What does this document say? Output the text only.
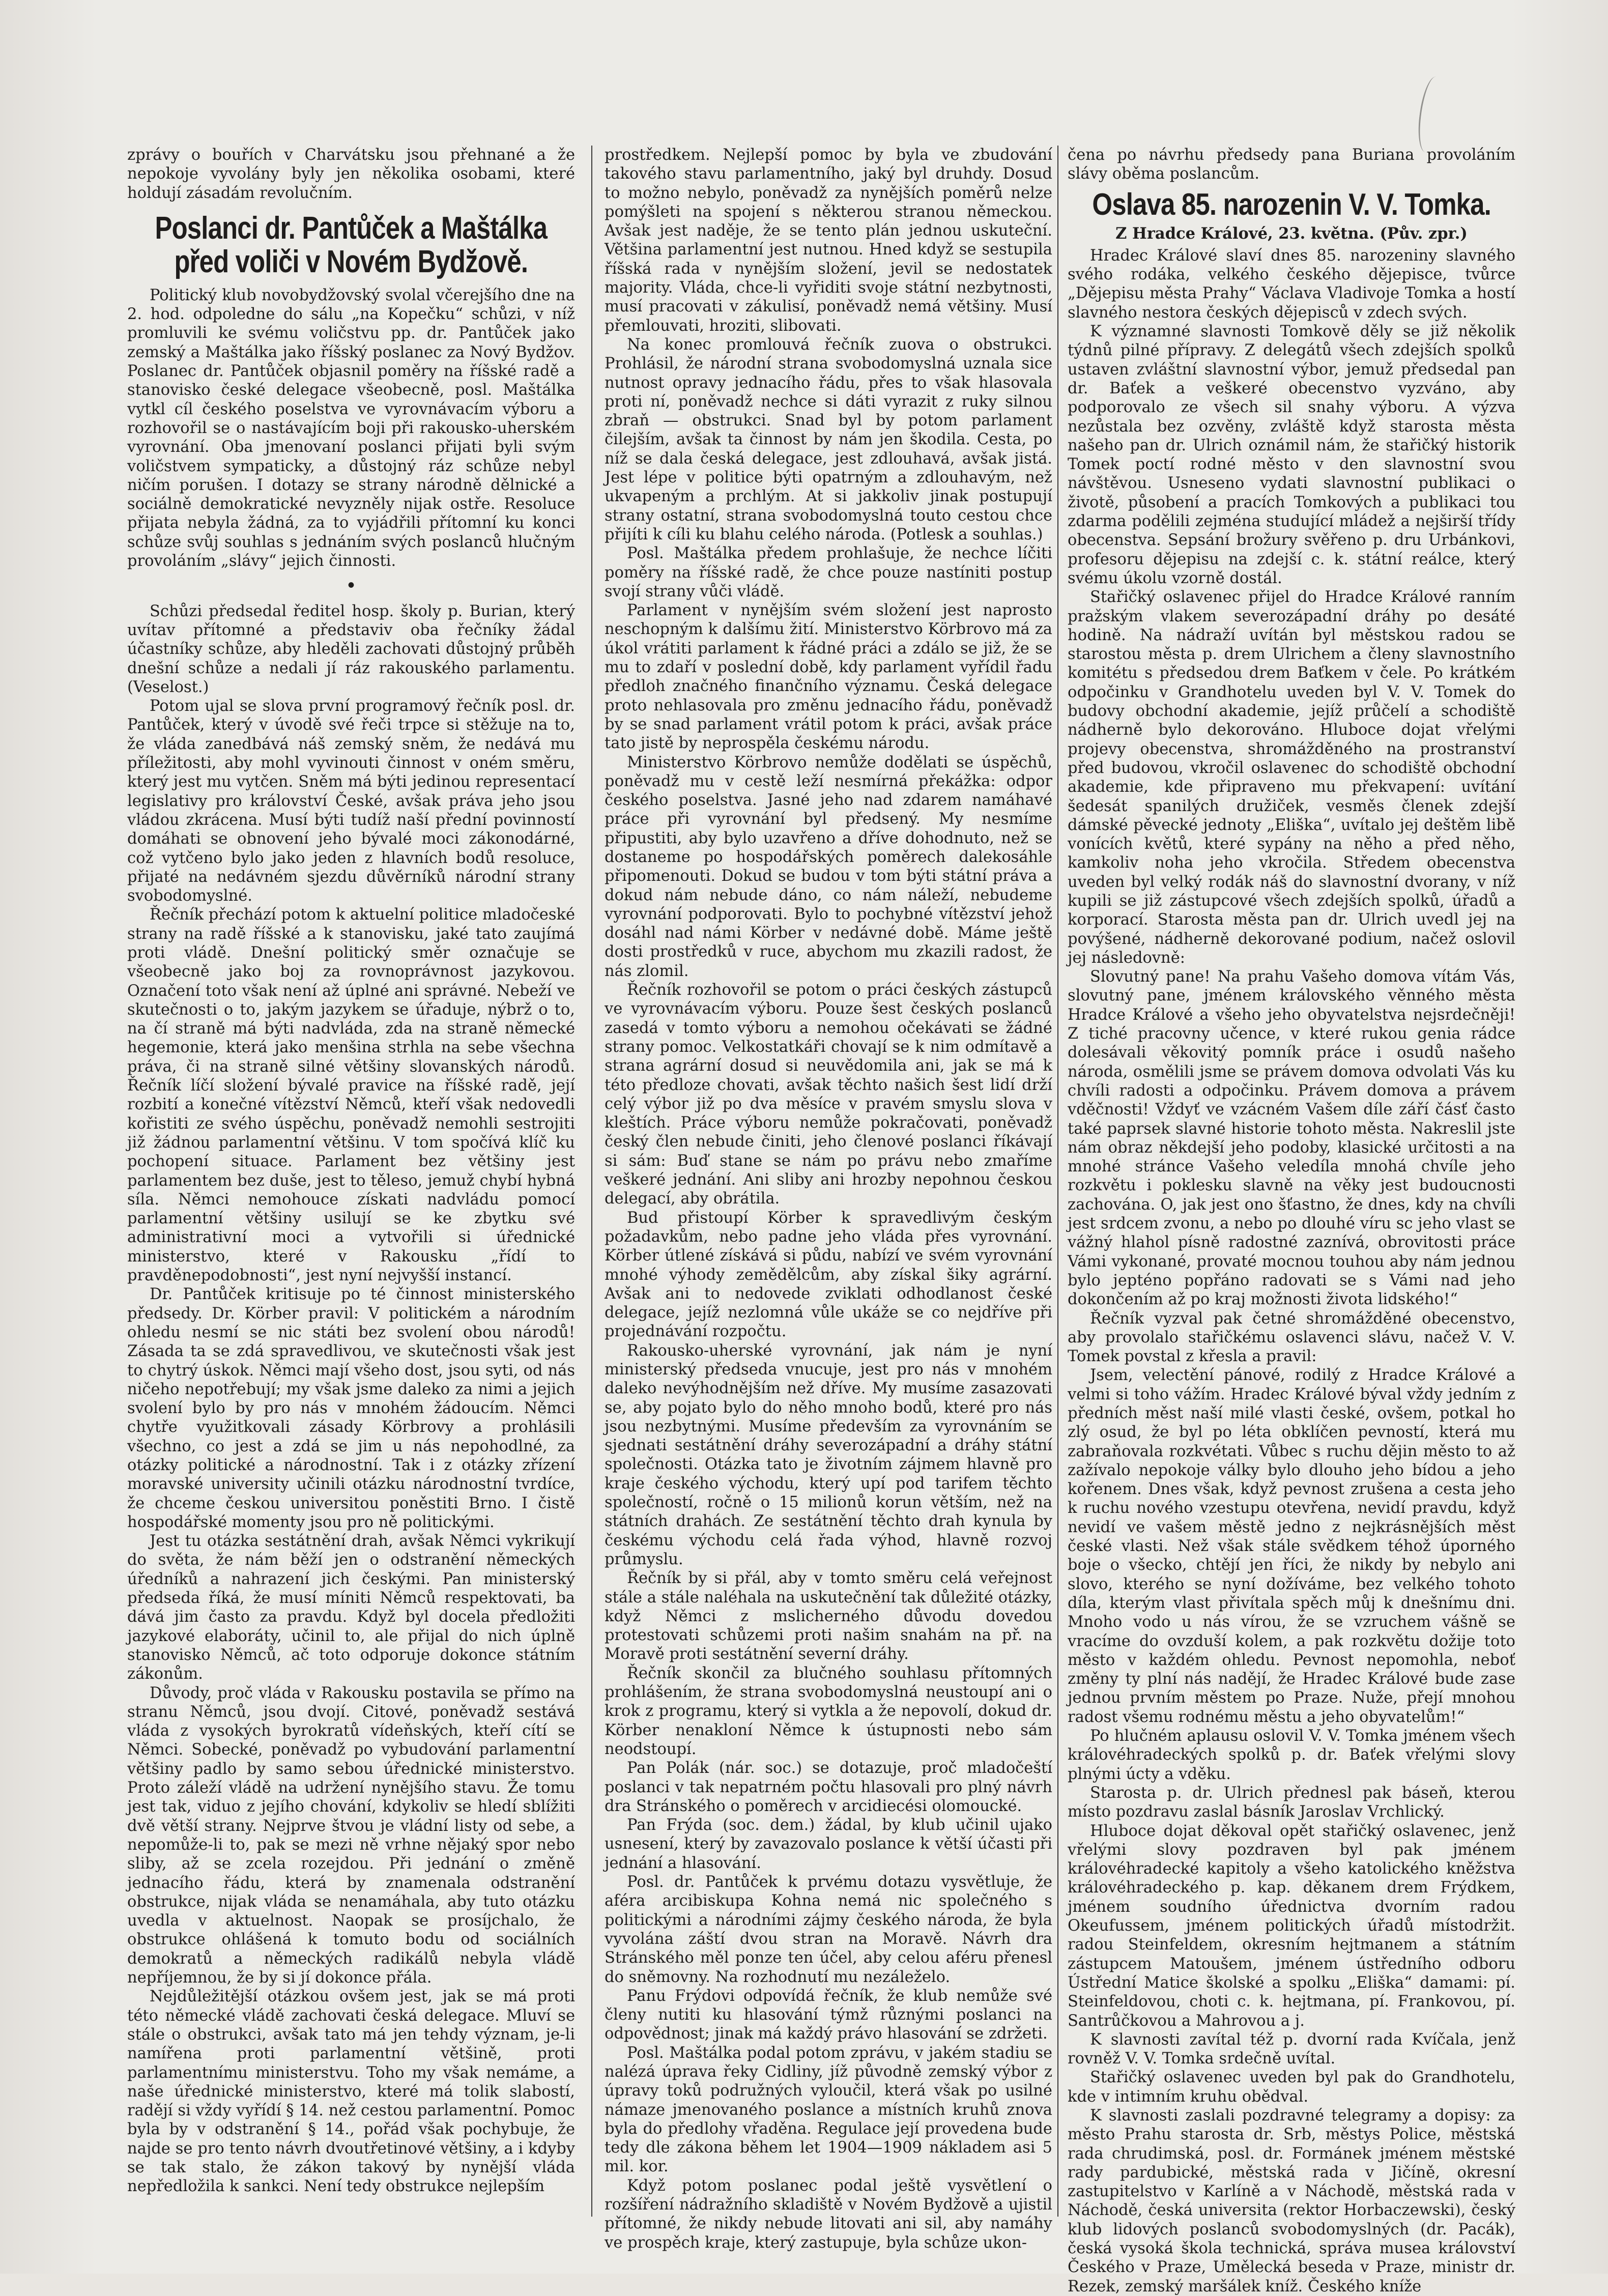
zprávy o bouřích v Charvátsku jsou přehnané a že nepokoje vyvolány byly jen několika osobami, které holdují zásadám revolučním.

Poslanci dr. Pantůček a Maštálka před voliči v Novém Bydžově.

Politický klub novobydžovský svolal včerejšího dne na 2. hod. odpoledne do sálu „na Kopečku“ schůzi, v níž promluvili ke svému voličstvu pp. dr. Pantůček jako zemský a Maštálka jako říšský poslanec za Nový Bydžov. Poslanec dr. Pantůček objasnil poměry na říšské radě a stanovisko české delegace všeobecně, posl. Maštálka vytkl cíl českého poselstva ve vyrovnávacím výboru a rozhovořil se o nastávajícím boji při rakousko-uherském vyrovnání. Oba jmenovaní poslanci přijati byli svým voličstvem sympaticky, a důstojný ráz schůze nebyl ničím porušen. I dotazy se strany národně dělnické a sociálně demokratické nevyzněly nijak ostře. Resoluce přijata nebyla žádná, za to vyjádřili přítomní ku konci schůze svůj souhlas s jednáním svých poslanců hlučným provoláním „slávy“ jejich činnosti.

•

Schůzi předsedal ředitel hosp. školy p. Burian, který uvítav přítomné a představiv oba řečníky žádal účastníky schůze, aby hleděli zachovati důstojný průběh dnešní schůze a nedali jí ráz rakouského parlamentu. (Veselost.)

Potom ujal se slova první programový řečník posl. dr. Pantůček, který v úvodě své řeči trpce si stěžuje na to, že vláda zanedbává náš zemský sněm, že nedává mu příležitosti, aby mohl vyvinouti činnost v oném směru, který jest mu vytčen. Sněm má býti jedinou representací legislativy pro království České, avšak práva jeho jsou vládou zkrácena. Musí býti tudíž naší přední povinností domáhati se obnovení jeho bývalé moci zákonodárné, což vytčeno bylo jako jeden z hlavních bodů resoluce, přijaté na nedávném sjezdu důvěrníků národní strany svobodomyslné.

Řečník přechází potom k aktuelní politice mladočeské strany na radě říšské a k stanovisku, jaké tato zaujímá proti vládě. Dnešní politický směr označuje se všeobecně jako boj za rovnoprávnost jazykovou. Označení toto však není až úplné ani správné. Nebeží ve skutečnosti o to, jakým jazykem se úřaduje, nýbrž o to, na čí straně má býti nadvláda, zda na straně německé hegemonie, která jako menšina strhla na sebe všechna práva, či na straně silné většiny slovanských národů. Řečník líčí složení bývalé pravice na říšské radě, její rozbití a konečné vítězství Němců, kteří však nedovedli kořistiti ze svého úspěchu, poněvadž nemohli sestrojiti již žádnou parlamentní většinu. V tom spočívá klíč ku pochopení situace. Parlament bez většiny jest parlamentem bez duše, jest to těleso, jemuž chybí hybná síla. Němci nemohouce získati nadvládu pomocí parlamentní většiny usilují se ke zbytku své administrativní moci a vytvořili si úřednické ministerstvo, které v Rakousku „řídí to pravděnepodobnosti“, jest nyní nejvyšší instancí.

Dr. Pantůček kritisuje po té činnost ministerského předsedy. Dr. Körber pravil: V politickém a národním ohledu nesmí se nic státi bez svolení obou národů! Zásada ta se zdá spravedlivou, ve skutečnosti však jest to chytrý úskok. Němci mají všeho dost, jsou syti, od nás ničeho nepotřebují; my však jsme daleko za nimi a jejich svolení bylo by pro nás v mnohém žádoucím. Němci chytře využitkovali zásady Körbrovy a prohlásili všechno, co jest a zdá se jim u nás nepohodlné, za otázky politické a národnostní. Tak i z otázky zřízení moravské university učinili otázku národnostní tvrdíce, že chceme českou universitou poněstiti Brno. I čistě hospodářské momenty jsou pro ně politickými.

Jest tu otázka sestátnění drah, avšak Němci vykrikují do světa, že nám běží jen o odstranění německých úředníků a nahrazení jich českými. Pan ministerský předseda říká, že musí míniti Němců respektovati, ba dává jim často za pravdu. Když byl docela předložiti jazykové elaboráty, učinil to, ale přijal do nich úplně stanovisko Němců, ač toto odporuje dokonce státním zákonům.

Důvody, proč vláda v Rakousku postavila se přímo na stranu Němců, jsou dvojí. Citové, poněvadž sestává vláda z vysokých byrokratů vídeňských, kteří cítí se Němci. Sobecké, poněvadž po vybudování parlamentní většiny padlo by samo sebou úřednické ministerstvo. Proto záleží vládě na udržení nynějšího stavu. Že tomu jest tak, viduo z jejího chování, kdykoliv se hledí sblížiti dvě větší strany. Nejprve štvou je vládní listy od sebe, a nepomůže-li to, pak se mezi ně vrhne nějaký spor nebo sliby, až se zcela rozejdou. Při jednání o změně jednacího řádu, která by znamenala odstranění obstrukce, nijak vláda se nenamáhala, aby tuto otázku uvedla v aktuelnost. Naopak se prosíjchalo, že obstrukce ohlášená k tomuto bodu od sociálních demokratů a německých radikálů nebyla vládě nepříjemnou, že by si jí dokonce přála.

Nejdůležitější otázkou ovšem jest, jak se má proti této německé vládě zachovati česká delegace. Mluví se stále o obstrukci, avšak tato má jen tehdy význam, je-li namířena proti parlamentní většině, proti parlamentnímu ministerstvu. Toho my však nemáme, a naše úřednické ministerstvo, které má tolik slabostí, radějí si vždy vyřídí § 14. než cestou parlamentní. Pomoc byla by v odstranění § 14., pořád však pochybuje, že najde se pro tento návrh dvoutřetinové většiny, a i kdyby se tak stalo, že zákon takový by nynější vláda nepředložila k sankci. Není tedy obstrukce nejlepším

prostředkem. Nejlepší pomoc by byla ve zbudování takového stavu parlamentního, jaký byl druhdy. Dosud to možno nebylo, poněvadž za nynějších poměrů nelze pomýšleti na spojení s některou stranou německou. Avšak jest naděje, že se tento plán jednou uskuteční. Většina parlamentní jest nutnou. Hned když se sestupila říšská rada v nynějším složení, jevil se nedostatek majority. Vláda, chce-li vyřiditi svoje státní nezbytnosti, musí pracovati v zákulisí, poněvadž nemá většiny. Musí přemlouvati, hroziti, slibovati.

Na konec promlouvá řečník zuova o obstrukci. Prohlásil, že národní strana svobodomyslná uznala sice nutnost opravy jednacího řádu, přes to však hlasovala proti ní, poněvadž nechce si dáti vyrazit z ruky silnou zbraň — obstrukci. Snad byl by potom parlament čilejším, avšak ta činnost by nám jen škodila. Cesta, po níž se dala česká delegace, jest zdlouhavá, avšak jistá. Jest lépe v politice býti opatrným a zdlouhavým, než ukvapeným a prchlým. At si jakkoliv jinak postupují strany ostatní, strana svobodomyslná touto cestou chce přijíti k cíli ku blahu celého národa. (Potlesk a souhlas.)

Posl. Maštálka předem prohlašuje, že nechce líčiti poměry na říšské radě, že chce pouze nastíniti postup svojí strany vůči vládě.

Parlament v nynějším svém složení jest naprosto neschopným k dalšímu žití. Ministerstvo Körbrovo má za úkol vrátiti parlament k řádné práci a zdálo se již, že se mu to zdaří v poslední době, kdy parlament vyřídil řadu předloh značného finančního významu. Česká delegace proto nehlasovala pro změnu jednacího řádu, poněvadž by se snad parlament vrátil potom k práci, avšak práce tato jistě by neprospěla českému národu.

Ministerstvo Körbrovo nemůže dodělati se úspěchů, poněvadž mu v cestě leží nesmírná překážka: odpor českého poselstva. Jasné jeho nad zdarem namáhavé práce při vyrovnání byl předsený. My nesmíme připustiti, aby bylo uzavřeno a dříve dohodnuto, než se dostaneme po hospodářských poměrech dalekosáhle připomenouti. Dokud se budou v tom býti státní práva a dokud nám nebude dáno, co nám náleží, nebudeme vyrovnání podporovati. Bylo to pochybné vítězství jehož dosáhl nad námi Körber v nedávné době. Máme ještě dosti prostředků v ruce, abychom mu zkazili radost, že nás zlomil.

Řečník rozhovořil se potom o práci českých zástupců ve vyrovnávacím výboru. Pouze šest českých poslanců zasedá v tomto výboru a nemohou očekávati se žádné strany pomoc. Velkostatkáři chovají se k nim odmítavě a strana agrární dosud si neuvědomila ani, jak se má k této předloze chovati, avšak těchto našich šest lidí drží celý výbor již po dva měsíce v pravém smyslu slova v kleštích. Práce výboru nemůže pokračovati, poněvadž český člen nebude činiti, jeho členové poslanci říkávají si sám: Buď stane se nám po právu nebo zmaříme veškeré jednání. Ani sliby ani hrozby nepohnou českou delegací, aby obrátila.

Bud přistoupí Körber k spravedlivým českým požadavkům, nebo padne jeho vláda přes vyrovnání. Körber útlené získává si půdu, nabízí ve svém vyrovnání mnohé výhody zemědělcům, aby získal šiky agrární. Avšak ani to nedovede zviklati odhodlanost české delegace, jejíž nezlomná vůle ukáže se co nejdříve při projednávání rozpočtu.

Rakousko-uherské vyrovnání, jak nám je nyní ministerský předseda vnucuje, jest pro nás v mnohém daleko nevýhodnějším než dříve. My musíme zasazovati se, aby pojato bylo do něho mnoho bodů, které pro nás jsou nezbytnými. Musíme především za vyrovnáním se sjednati sestátnění dráhy severozápadní a dráhy státní společnosti. Otázka tato je životním zájmem hlavně pro kraje českého východu, který upí pod tarifem těchto společností, ročně o 15 milionů korun větším, než na státních drahách. Ze sestátnění těchto drah kynula by českému východu celá řada výhod, hlavně rozvoj průmyslu.

Řečník by si přál, aby v tomto směru celá veřejnost stále a stále naléhala na uskutečnění tak důležité otázky, když Němci z mslicherného důvodu dovedou protestovati schůzemi proti našim snahám na př. na Moravě proti sestátnění severní dráhy.

Řečník skončil za blučného souhlasu přítomných prohlášením, že strana svobodomyslná neustoupí ani o krok z programu, který si vytkla a že nepovolí, dokud dr. Körber nenakloní Němce k ústupnosti nebo sám neodstoupí.

Pan Polák (nár. soc.) se dotazuje, proč mladočeští poslanci v tak nepatrném počtu hlasovali pro plný návrh dra Stránského o poměrech v arcidiecési olomoucké.

Pan Frýda (soc. dem.) žádal, by klub učinil ujako usnesení, který by zavazovalo poslance k větší účasti při jednání a hlasování.

Posl. dr. Pantůček k prvému dotazu vysvětluje, že aféra arcibiskupa Kohna nemá nic společného s politickými a národními zájmy českého národa, že byla vyvolána záští dvou stran na Moravě. Návrh dra Stránského měl ponze ten účel, aby celou aféru přenesl do sněmovny. Na rozhodnutí mu nezáleželo.

Panu Frýdovi odpovídá řečník, že klub nemůže své členy nutiti ku hlasování týmž různými poslanci na odpovědnost; jinak má každý právo hlasování se zdržeti.

Posl. Maštálka podal potom zprávu, v jakém stadiu se nalézá úprava řeky Cidliny, jíž původně zemský výbor z úpravy toků podružných vyloučil, která však po usilné námaze jmenovaného poslance a místních kruhů znova byla do předlohy vřaděna. Regulace její provedena bude tedy dle zákona během let 1904—1909 nákladem asi 5 mil. kor.

Když potom poslanec podal ještě vysvětlení o rozšíření nádražního skladiště v Novém Bydžově a ujistil přítomné, že nikdy nebude litovati ani sil, aby namáhy ve prospěch kraje, který zastupuje, byla schůze ukon-

čena po návrhu předsedy pana Buriana provoláním slávy oběma poslancům.

Oslava 85. narozenin V. V. Tomka.
Z Hradce Králové, 23. května. (Pův. zpr.)

Hradec Králové slaví dnes 85. narozeniny slavného svého rodáka, velkého českého dějepisce, tvůrce „Dějepisu města Prahy“ Václava Vladivoje Tomka a hostí slavného nestora českých dějepisců v zdech svých.

K významné slavnosti Tomkově děly se již několik týdnů pilné přípravy. Z delegátů všech zdejších spolků ustaven zvláštní slavnostní výbor, jemuž předsedal pan dr. Baťek a veškeré obecenstvo vyzváno, aby podporovalo ze všech sil snahy výboru. A výzva nezůstala bez ozvěny, zvláště když starosta města našeho pan dr. Ulrich oznámil nám, že stařičký historik Tomek poctí rodné město v den slavnostní svou návštěvou. Usneseno vydati slavnostní publikaci o životě, působení a pracích Tomkových a publikaci tou zdarma podělili zejména studující mládež a nejširší třídy obecenstva. Sepsání brožury svěřeno p. dru Urbánkovi, profesoru dějepisu na zdejší c. k. státní reálce, který svému úkolu vzorně dostál.

Stařičký oslavenec přijel do Hradce Králové ranním pražským vlakem severozápadní dráhy po desáté hodině. Na nádraží uvítán byl městskou radou se starostou města p. drem Ulrichem a členy slavnostního komitétu s předsedou drem Baťkem v čele. Po krátkém odpočinku v Grandhotelu uveden byl V. V. Tomek do budovy obchodní akademie, jejíž průčelí a schodiště nádherně bylo dekorováno. Hluboce dojat vřelými projevy obecenstva, shromážděného na prostranství před budovou, vkročil oslavenec do schodiště obchodní akademie, kde připraveno mu překvapení: uvítání šedesát spanilých družiček, vesměs členek zdejší dámské pěvecké jednoty „Eliška“, uvítalo jej deštěm libě vonících květů, které sypány na něho a před něho, kamkoliv noha jeho vkročila. Středem obecenstva uveden byl velký rodák náš do slavnostní dvorany, v níž kupili se již zástupcové všech zdejších spolků, úřadů a korporací. Starosta města pan dr. Ulrich uvedl jej na povýšené, nádherně dekorované podium, načež oslovil jej následovně:

Slovutný pane! Na prahu Vašeho domova vítám Vás, slovutný pane, jménem královského věnného města Hradce Králové a všeho jeho obyvatelstva nejsrdečněji! Z tiché pracovny učence, v které rukou genia rádce dolesávali věkovitý pomník práce i osudů našeho národa, osmělili jsme se právem domova odvolati Vás ku chvíli radosti a odpočinku. Právem domova a právem vděčnosti! Vždyť ve vzácném Vašem díle září čásť často také paprsek slavné historie tohoto města. Nakreslil jste nám obraz někdejší jeho podoby, klasické určitosti a na mnohé stránce Vašeho veledíla mnohá chvíle jeho rozkvětu i poklesku slavně na věky jest budoucnosti zachována. O, jak jest ono šťastno, že dnes, kdy na chvíli jest srdcem zvonu, a nebo po dlouhé víru sc jeho vlast se vážný hlahol písně radostné zaznívá, obrovitosti práce Vámi vykonané, provaté mocnou touhou aby nám jednou bylo jepténo popřáno radovati se s Vámi nad jeho dokončením až po kraj možnosti života lidského!“

Řečník vyzval pak četné shromážděné obecenstvo, aby provolalo stařičkému oslavenci slávu, načež V. V. Tomek povstal z křesla a pravil:

Jsem, velectění pánové, rodilý z Hradce Králové a velmi si toho vážím. Hradec Králové býval vždy jedním z předních měst naší milé vlasti české, ovšem, potkal ho zlý osud, že byl po léta obklíčen pevností, která mu zabraňovala rozkvétati. Vůbec s ruchu dějin město to až zažívalo nepokoje války bylo dlouho jeho bídou a jeho kořenem. Dnes však, když pevnost zrušena a cesta jeho k ruchu nového vzestupu otevřena, nevidí pravdu, když nevidí ve vašem městě jedno z nejkrásnějších měst české vlasti. Než však stále svědkem téhož úporného boje o všecko, chtějí jen říci, že nikdy by nebylo ani slovo, kterého se nyní dožíváme, bez velkého tohoto díla, kterým vlast přivítala spěch můj k dnešnímu dni. Mnoho vodo u nás vírou, že se vzruchem vášně se vracíme do ovzduší kolem, a pak rozkvětu dožije toto město v každém ohledu. Pevnost nepomohla, neboť změny ty plní nás nadějí, že Hradec Králové bude zase jednou prvním městem po Praze. Nuže, přejí mnohou radost všemu rodnému městu a jeho obyvatelům!“

Po hlučném aplausu oslovil V. V. Tomka jménem všech královéhradeckých spolků p. dr. Baťek vřelými slovy plnými úcty a vděku.

Starosta p. dr. Ulrich přednesl pak báseň, kterou místo pozdravu zaslal básník Jaroslav Vrchlický.

Hluboce dojat děkoval opět stařičký oslavenec, jenž vřelými slovy pozdraven byl pak jménem královéhradecké kapitoly a všeho katolického kněžstva královéhradeckého p. kap. děkanem drem Frýdkem, jménem soudního úřednictva dvorním radou Okeufussem, jménem politických úřadů místodržit. radou Steinfeldem, okresním hejtmanem a státním zástupcem Matoušem, jménem ústředního odboru Ústřední Matice školské a spolku „Eliška“ damami: pí. Steinfeldovou, choti c. k. hejtmana, pí. Frankovou, pí. Santrůčkovou a Mahrovou a j.

K slavnosti zavítal též p. dvorní rada Kvíčala, jenž rovněž V. V. Tomka srdečně uvítal.

Stařičký oslavenec uveden byl pak do Grandhotelu, kde v intimním kruhu obědval.

K slavnosti zaslali pozdravné telegramy a dopisy: za město Prahu starosta dr. Srb, městys Police, městská rada chrudimská, posl. dr. Formánek jménem městské rady pardubické, městská rada v Jičíně, okresní zastupitelstvo v Karlíně a v Náchodě, městská rada v Náchodě, česká universita (rektor Horbaczewski), český klub lidových poslanců svobodomyslných (dr. Pacák), česká vysoká škola technická, správa musea království Českého v Praze, Umělecká beseda v Praze, ministr dr. Rezek, zemský maršálek kníž. Českého kníže
